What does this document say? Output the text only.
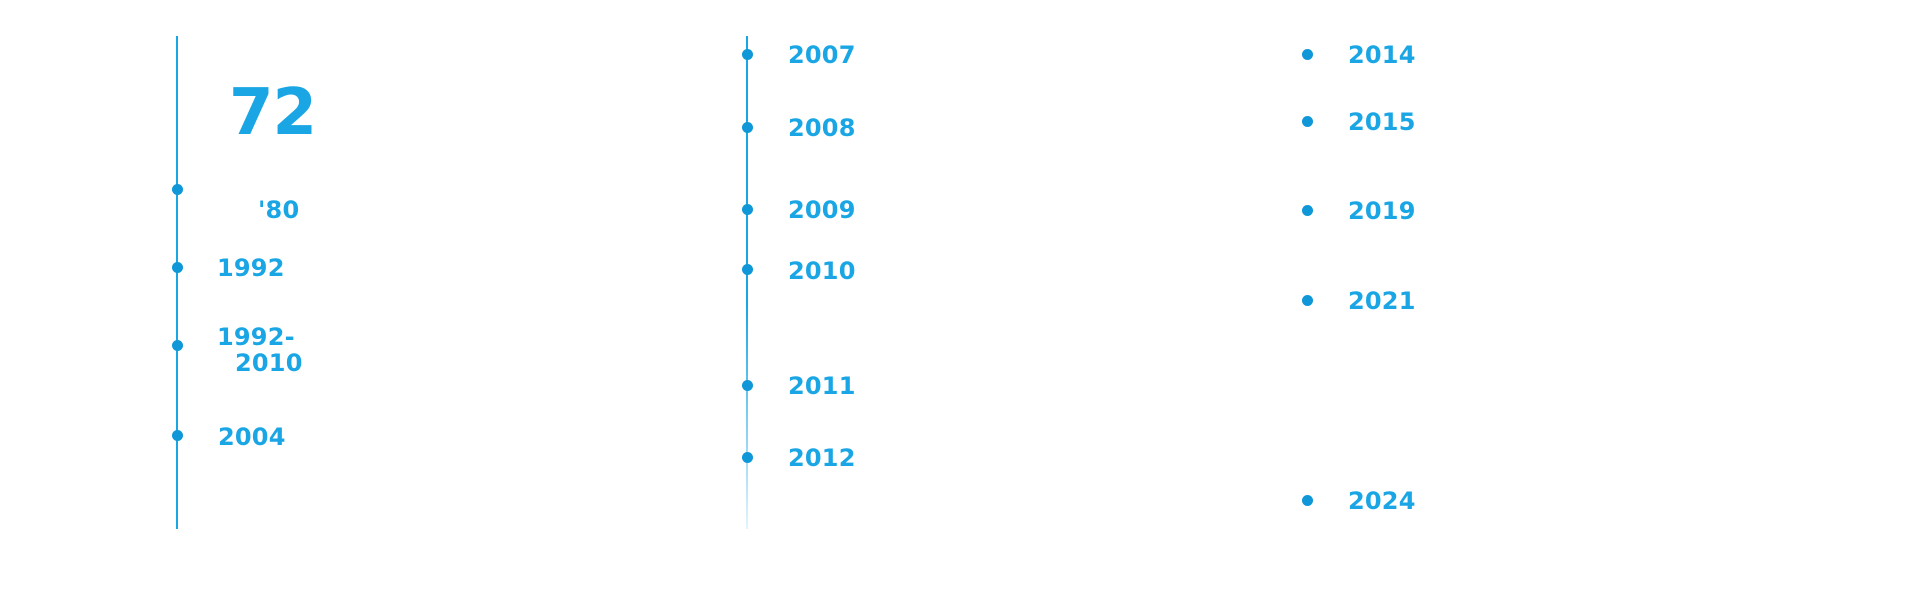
72
'80
1992
1992-
2010
2004
2007
2008
2009
2010
2011
2012
2014
2015
2019
2021
2024
